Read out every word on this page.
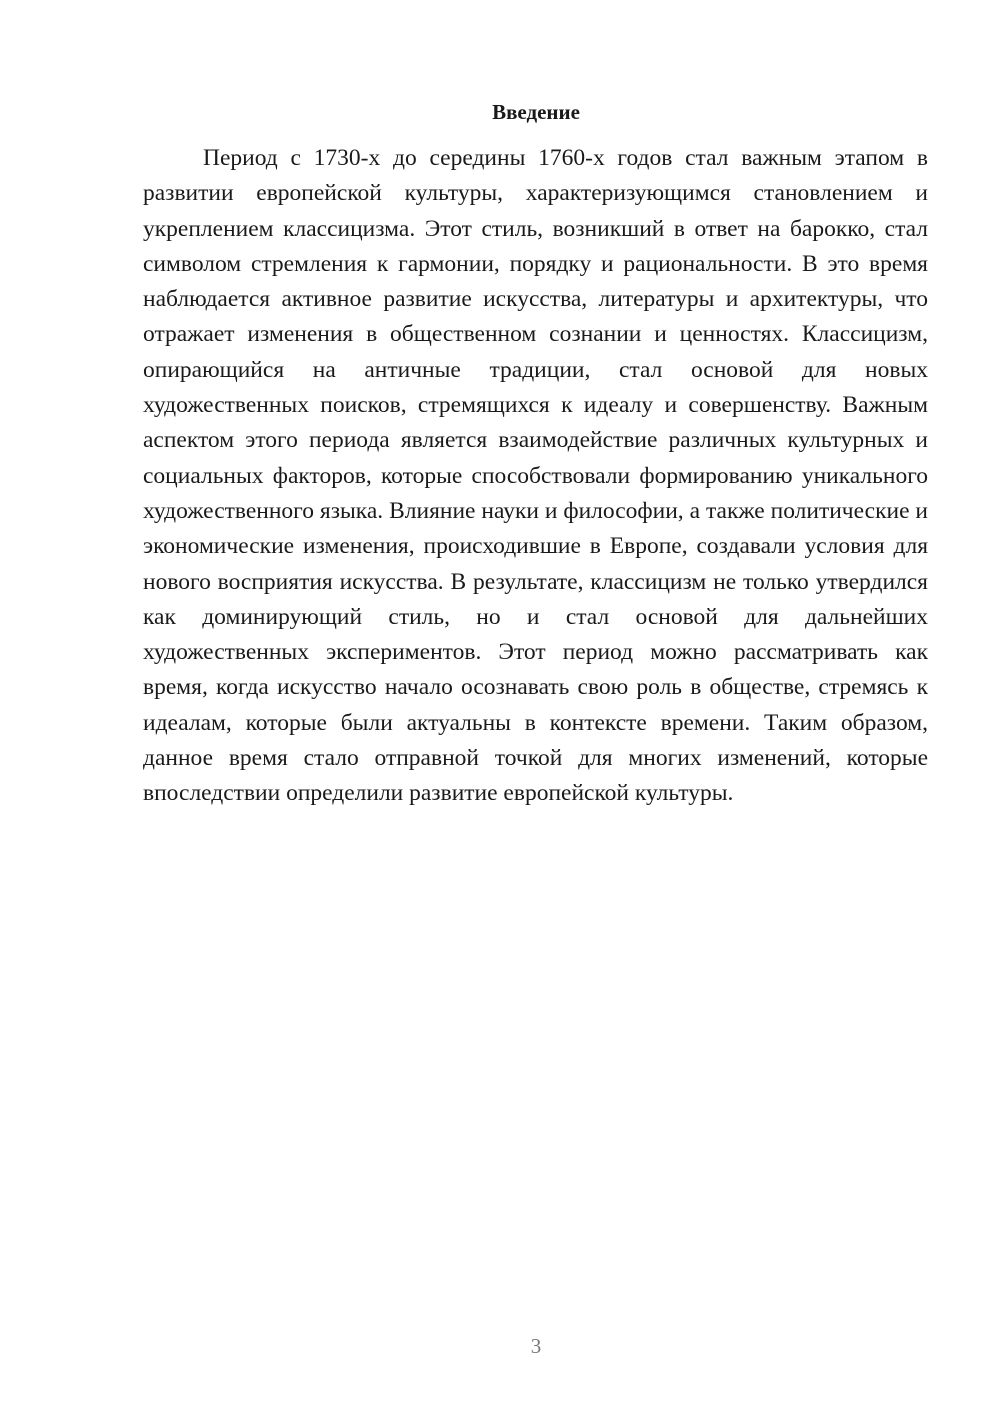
Введение

Период с 1730-х до середины 1760-х годов стал важным этапом в развитии европейской культуры, характеризующимся становлением и укреплением классицизма. Этот стиль, возникший в ответ на барокко, стал символом стремления к гармонии, порядку и рациональности. В это время наблюдается активное развитие искусства, литературы и архитектуры, что отражает изменения в общественном сознании и ценностях. Классицизм, опирающийся на античные традиции, стал основой для новых художественных поисков, стремящихся к идеалу и совершенству. Важным аспектом этого периода является взаимодействие различных культурных и социальных факторов, которые способствовали формированию уникального художественного языка. Влияние науки и философии, а также политические и экономические изменения, происходившие в Европе, создавали условия для нового восприятия искусства. В результате, классицизм не только утвердился как доминирующий стиль, но и стал основой для дальнейших художественных экспериментов. Этот период можно рассматривать как время, когда искусство начало осознавать свою роль в обществе, стремясь к идеалам, которые были актуальны в контексте времени. Таким образом, данное время стало отправной точкой для многих изменений, которые впоследствии определили развитие европейской культуры.

3
